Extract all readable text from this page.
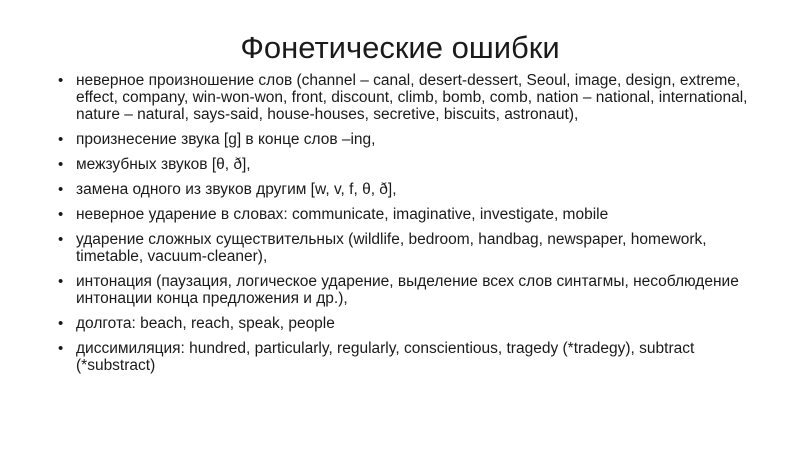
Фонетические ошибки
• неверное произношение слов (channel – canal, desert-dessert, Seoul, image, design, extreme, effect, company, win-won-won, front, discount, climb, bomb, comb, nation – national, international, nature – natural, says-said, house-houses, secretive, biscuits, astronaut),
• произнесение звука [g] в конце слов –ing,
• межзубных звуков [θ, ð],
• замена одного из звуков другим [w, v, f, θ, ð],
• неверное ударение в словах: communicate, imaginative, investigate, mobile
• ударение сложных существительных (wildlife, bedroom, handbag, newspaper, homework, timetable, vacuum-cleaner),
• интонация (паузация, логическое ударение, выделение всех слов синтагмы, несоблюдение интонации конца предложения и др.),
• долгота: beach, reach, speak, people
• диссимиляция: hundred, particularly, regularly, conscientious, tragedy (*tradegy), subtract (*substract)
